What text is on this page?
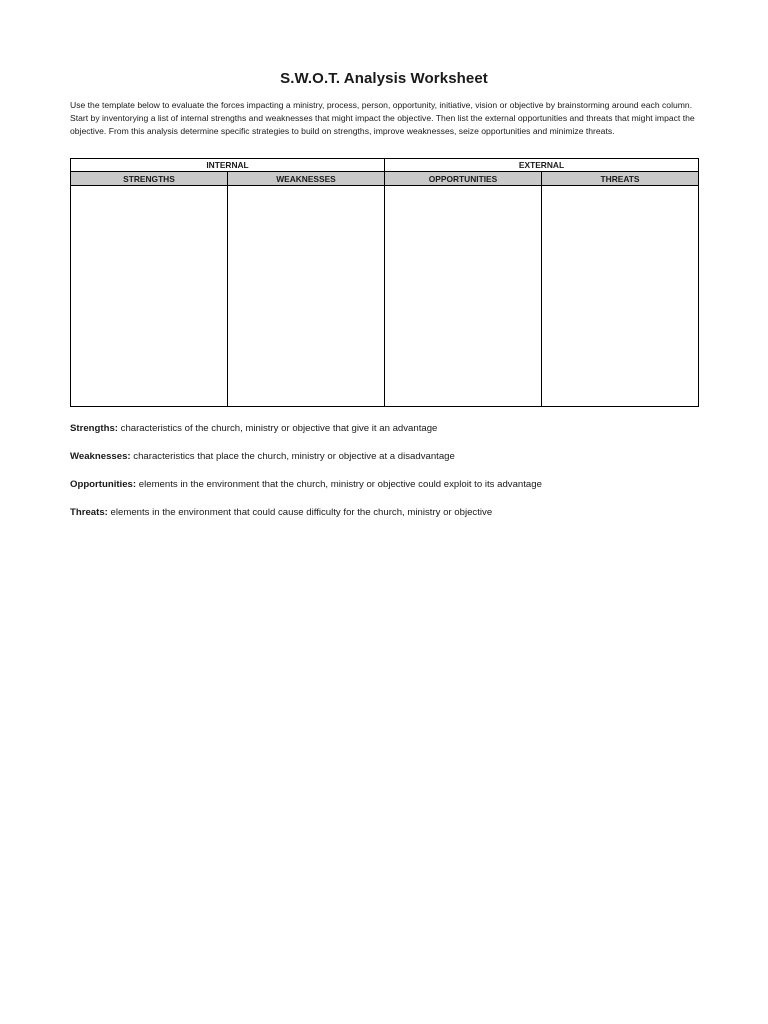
S.W.O.T. Analysis Worksheet
Use the template below to evaluate the forces impacting a ministry, process, person, opportunity, initiative, vision or objective by brainstorming around each column. Start by inventorying a list of internal strengths and weaknesses that might impact the objective. Then list the external opportunities and threats that might impact the objective. From this analysis determine specific strategies to build on strengths, improve weaknesses, seize opportunities and minimize threats.
INTERNAL		EXTERNAL	
STRENGTHS	WEAKNESSES	OPPORTUNITIES	THREATS

Strengths: characteristics of the church, ministry or objective that give it an advantage
Weaknesses: characteristics that place the church, ministry or objective at a disadvantage
Opportunities: elements in the environment that the church, ministry or objective could exploit to its advantage
Threats: elements in the environment that could cause difficulty for the church, ministry or objective
